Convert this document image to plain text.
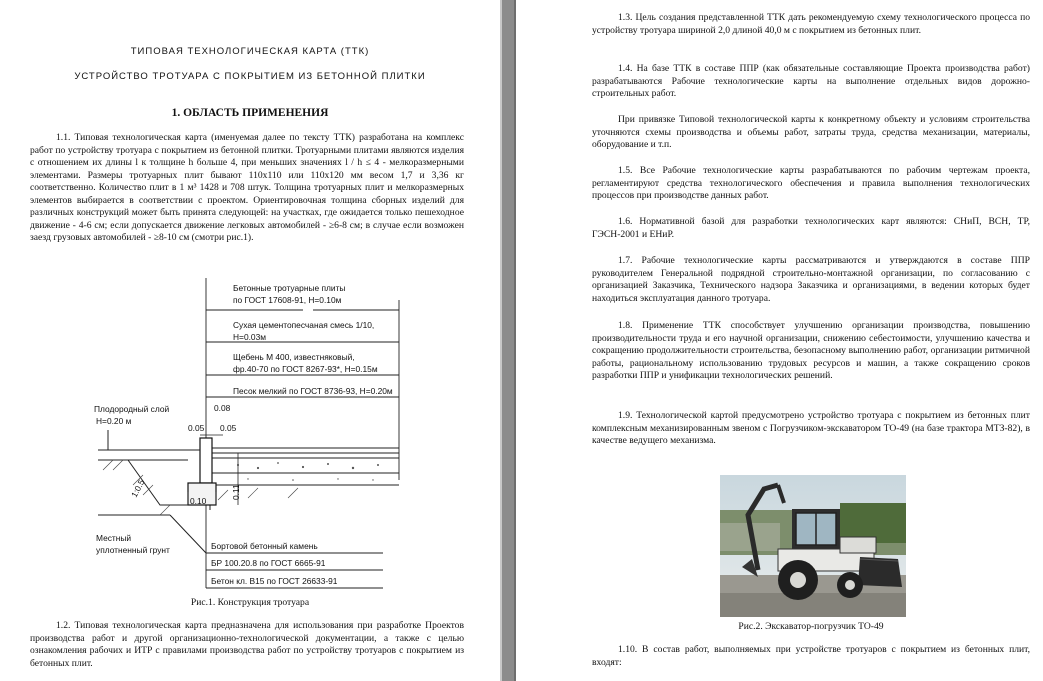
ТИПОВАЯ ТЕХНОЛОГИЧЕСКАЯ КАРТА (ТТК)
УСТРОЙСТВО ТРОТУАРА С ПОКРЫТИЕМ ИЗ БЕТОННОЙ ПЛИТКИ
1. ОБЛАСТЬ ПРИМЕНЕНИЯ

1.1. Типовая технологическая карта (именуемая далее по тексту ТТК) разработана на комплекс работ по устройству тротуара с покрытием из бетонной плитки. Тротуарными плитами являются изделия с отношением их длины l к толщине h больше 4, при меньших значениях l / h ≤ 4 - мелкоразмерными элементами. Размеры тротуарных плит бывают 110х110 или 110х120 мм весом 1,7 и 3,36 кг соответственно. Количество плит в 1 м³ 1428 и 708 штук. Толщина тротуарных плит и мелкоразмерных элементов выбирается в соответствии с проектом. Ориентировочная толщина сборных изделий для различных конструкций может быть принята следующей: на участках, где ожидается только пешеходное движение - 4-6 см; если допускается движение легковых автомобилей - ≥6-8 см; в случае если возможен заезд грузовых автомобилей - ≥8-10 см (смотри рис.1).

Бетонные тротуарные плиты
по ГОСТ 17608-91, Н=0.10м
Сухая цементопесчаная смесь 1/10,
Н=0.03м
Щебень М 400, известняковый,
фр.40-70 по ГОСТ 8267-93*, Н=0.15м
Песок мелкий по ГОСТ 8736-93, Н=0.20м
Плодородный слой
Н=0.20 м
0.08
0.05 0.05
0.11
0.10
1:0.5
Местный
уплотненный грунт	Бортовой бетонный камень
БР 100.20.8 по ГОСТ 6665-91
Бетон кл. В15 по ГОСТ 26633-91
Рис.1. Конструкция тротуара

1.2. Типовая технологическая карта предназначена для использования при разработке Проектов производства работ и другой организационно-технологической документации, а также с целью ознакомления рабочих и ИТР с правилами производства работ по устройству тротуаров с покрытием из бетонных плит.

1.3. Цель создания представленной ТТК дать рекомендуемую схему технологического процесса по устройству тротуара шириной 2,0 длиной 40,0 м с покрытием из бетонных плит.

1.4. На базе ТТК в составе ППР (как обязательные составляющие Проекта производства работ) разрабатываются Рабочие технологические карты на выполнение отдельных видов дорожно-строительных работ.

При привязке Типовой технологической карты к конкретному объекту и условиям строительства уточняются схемы производства и объемы работ, затраты труда, средства механизации, материалы, оборудование и т.п.

1.5. Все Рабочие технологические карты разрабатываются по рабочим чертежам проекта, регламентируют средства технологического обеспечения и правила выполнения технологических процессов при производстве данных работ.

1.6. Нормативной базой для разработки технологических карт являются: СНиП, ВСН, ТР, ГЭСН-2001 и ЕНиР.

1.7. Рабочие технологические карты рассматриваются и утверждаются в составе ППР руководителем Генеральной подрядной строительно-монтажной организации, по согласованию с организацией Заказчика, Технического надзора Заказчика и организациями, в ведении которых будет находиться эксплуатация данного тротуара.

1.8. Применение ТТК способствует улучшению организации производства, повышению производительности труда и его научной организации, снижению себестоимости, улучшению качества и сокращению продолжительности строительства, безопасному выполнению работ, организации ритмичной работы, рациональному использованию трудовых ресурсов и машин, а также сокращению сроков разработки ППР и унификации технологических решений.

1.9. Технологической картой предусмотрено устройство тротуара с покрытием из бетонных плит комплексным механизированным звеном с Погрузчиком-экскаватором ТО-49 (на базе трактора МТЗ-82), в качестве ведущего механизма.

Рис.2. Экскаватор-погрузчик ТО-49

1.10. В состав работ, выполняемых при устройстве тротуаров с покрытием из бетонных плит, входят:
